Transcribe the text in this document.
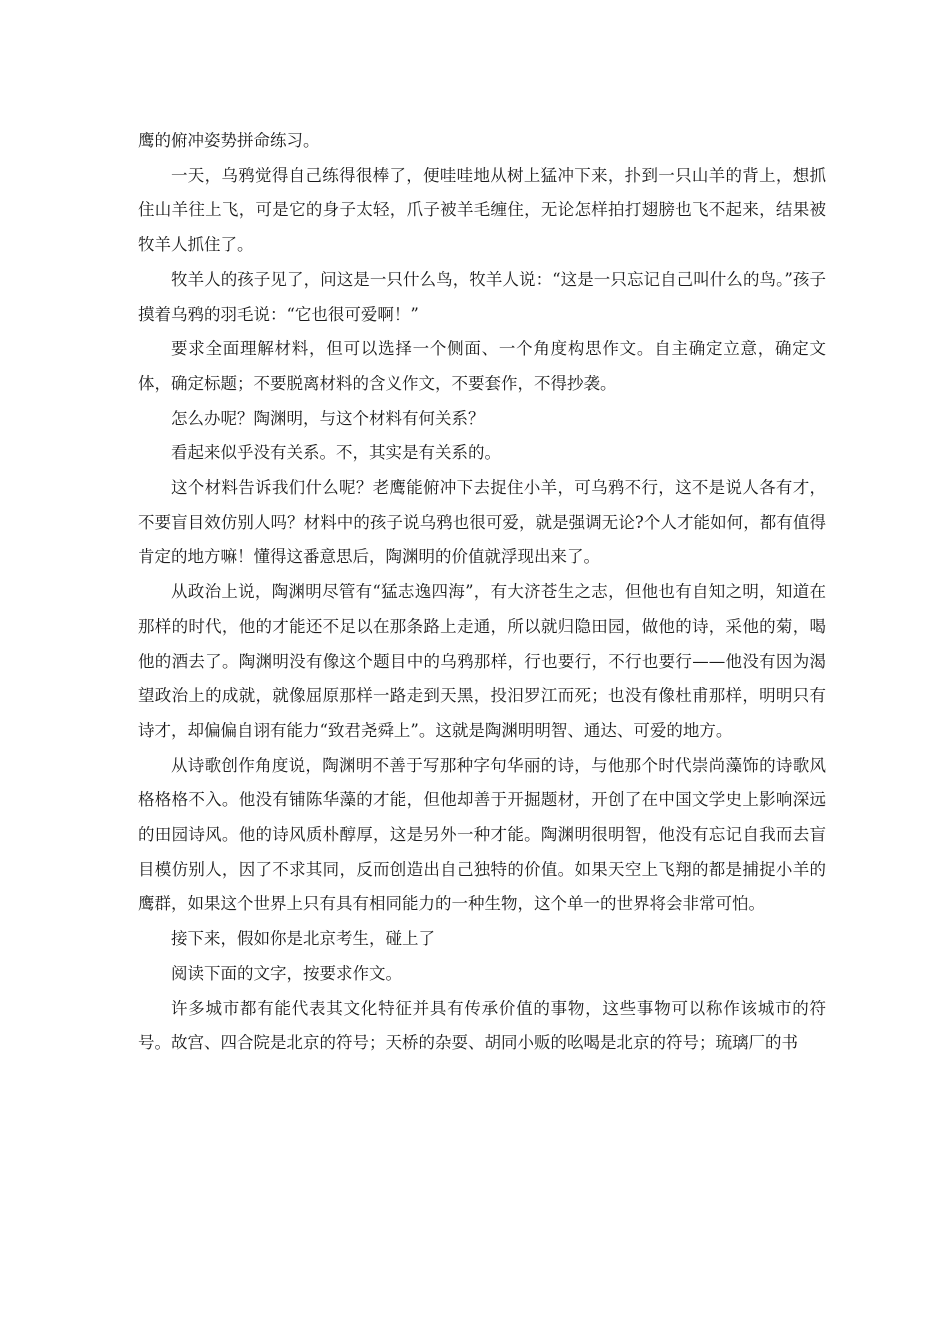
鹰的俯冲姿势拼命练习。

一天，乌鸦觉得自己练得很棒了，便哇哇地从树上猛冲下来，扑到一只山羊的背上，想抓住山羊往上飞，可是它的身子太轻，爪子被羊毛缠住，无论怎样拍打翅膀也飞不起来，结果被牧羊人抓住了。

牧羊人的孩子见了，问这是一只什么鸟，牧羊人说：“这是一只忘记自己叫什么的鸟。”孩子摸着乌鸦的羽毛说：“它也很可爱啊！”

要求全面理解材料，但可以选择一个侧面、一个角度构思作文。自主确定立意，确定文体，确定标题；不要脱离材料的含义作文，不要套作，不得抄袭。

怎么办呢？陶渊明，与这个材料有何关系？

看起来似乎没有关系。不，其实是有关系的。

这个材料告诉我们什么呢？老鹰能俯冲下去捉住小羊，可乌鸦不行，这不是说人各有才，不要盲目效仿别人吗？材料中的孩子说乌鸦也很可爱，就是强调无论?个人才能如何，都有值得肯定的地方嘛！懂得这番意思后，陶渊明的价值就浮现出来了。

从政治上说，陶渊明尽管有“猛志逸四海”，有大济苍生之志，但他也有自知之明，知道在那样的时代，他的才能还不足以在那条路上走通，所以就归隐田园，做他的诗，采他的菊，喝他的酒去了。陶渊明没有像这个题目中的乌鸦那样，行也要行，不行也要行——他没有因为渴望政治上的成就，就像屈原那样一路走到天黑，投汨罗江而死；也没有像杜甫那样，明明只有诗才，却偏偏自诩有能力“致君尧舜上”。这就是陶渊明明智、通达、可爱的地方。

从诗歌创作角度说，陶渊明不善于写那种字句华丽的诗，与他那个时代崇尚藻饰的诗歌风格格格不入。他没有铺陈华藻的才能，但他却善于开掘题材，开创了在中国文学史上影响深远的田园诗风。他的诗风质朴醇厚，这是另外一种才能。陶渊明很明智，他没有忘记自我而去盲目模仿别人，因了不求其同，反而创造出自己独特的价值。如果天空上飞翔的都是捕捉小羊的鹰群，如果这个世界上只有具有相同能力的一种生物，这个单一的世界将会非常可怕。

接下来，假如你是北京考生，碰上了

阅读下面的文字，按要求作文。

许多城市都有能代表其文化特征并具有传承价值的事物，这些事物可以称作该城市的符号。故宫、四合院是北京的符号；天桥的杂耍、胡同小贩的吆喝是北京的符号；琉璃厂的书
